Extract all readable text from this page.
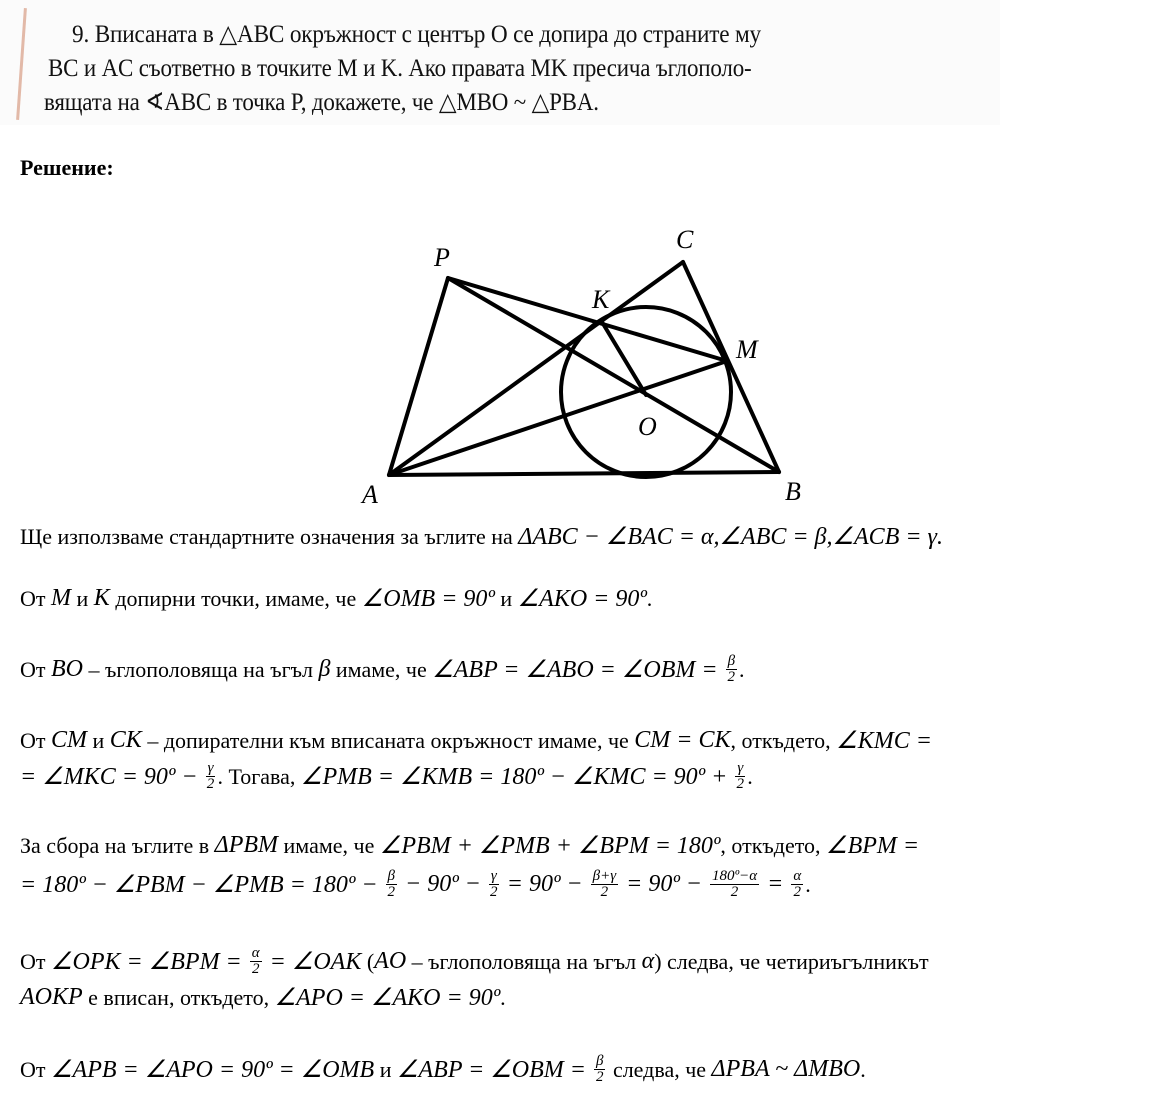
9. Вписаната в △ABC окръжност с център O се допира до страните му
BC и AC съответно в точките M и K. Ако правата MK пресича ъглополо-
вящата на ∢ABC в точка P, докажете, че △MBO ~ △PBA.
Решение:
A	B
C
P
K
M
O
Ще използваме стандартните означения за ъглите на ΔABC − ∠BAC = α,∠ABC = β,∠ACB = γ.
От M и K допирни точки, имаме, че ∠OMB = 90º и ∠AKO = 90º .
От BO – ъглополовяща на ъгъл β имаме, че ∠ABP = ∠ABO = ∠OBM = $\frac{\beta}{2}$ .
От CM и CK – допирателни към вписаната окръжност имаме, че CM = CK , откъдето, ∠KMC =
= ∠MKC = 90º − $\frac{\gamma}{2}$ . Тогава, ∠PMB = ∠KMB = 180º − ∠KMC = 90º + $\frac{\gamma}{2}$ .
За сбора на ъглите в ΔPBM имаме, че ∠PBM + ∠PMB + ∠BPM = 180º , откъдето, ∠BPM =
= 180º − ∠PBM − ∠PMB = 180º − $\frac{\beta}{2}$ − 90º − $\frac{\gamma}{2}$ = 90º − $\frac{\beta+\gamma}{2}$ = 90º − $\frac{\text{180º−α}}{2} = \frac{\alpha}{2}$ .
От ∠OPK = ∠BPM = $\frac{\alpha}{2}$ = ∠OAK ( AO – ъглополовяща на ъгъл α ) следва, че четириъгълникът
AOKP е вписан, откъдето, ∠APO = ∠AKO = 90º .
От ∠APB = ∠APO = 90º = ∠OMB и ∠ABP = ∠OBM = $\frac{\beta}{2}$ следва, че ΔPBA ~ ΔMBO .
